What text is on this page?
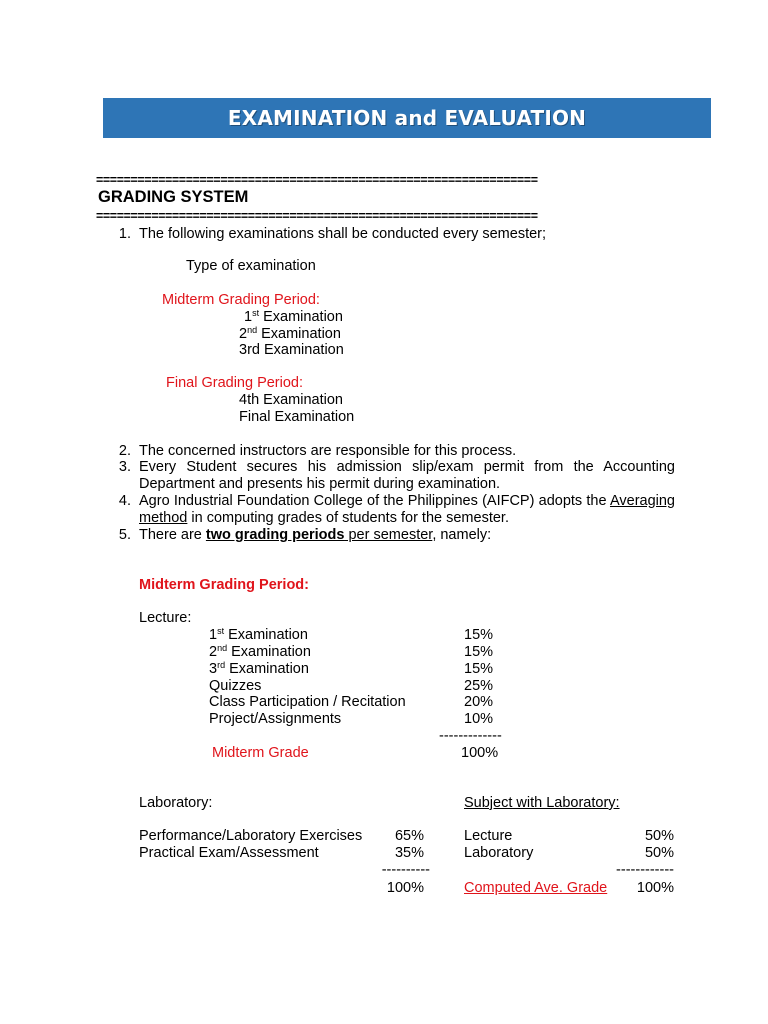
EXAMINATION and EVALUATION
================================================================
GRADING SYSTEM
================================================================
1. The following examinations shall be conducted every semester;
Type of examination
Midterm Grading Period:
1st Examination
2nd Examination
3rd Examination
Final Grading Period:
4th Examination
Final Examination
2. The concerned instructors are responsible for this process.
3. Every Student secures his admission slip/exam permit from the Accounting Department and presents his permit during examination.
4. Agro Industrial Foundation College of the Philippines (AIFCP) adopts the Averaging method in computing grades of students for the semester.
5. There are two grading periods per semester, namely:
Midterm Grading Period:
Lecture:
1st Examination	15%
2nd Examination	15%
3rd Examination	15%
Quizzes	25%
Class Participation / Recitation	20%
Project/Assignments	10%
-------------
Midterm Grade	100%
Laboratory:
Performance/Laboratory Exercises	65%
Practical Exam/Assessment	35%
----------
100%
Subject with Laboratory:
Lecture	50%
Laboratory	50%
------------
Computed Ave. Grade	100%
